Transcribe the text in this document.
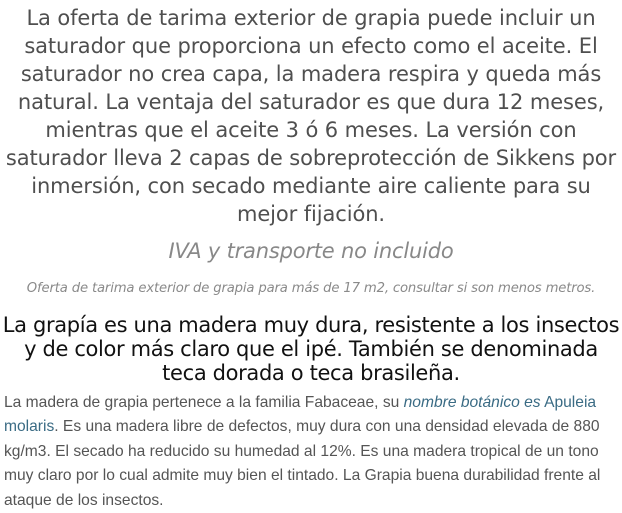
La oferta de tarima exterior de grapia puede incluir un saturador que proporciona un efecto como el aceite. El saturador no crea capa, la madera respira y queda más natural. La ventaja del saturador es que dura 12 meses, mientras que el aceite 3 ó 6 meses. La versión con saturador lleva 2 capas de sobreprotección de Sikkens por inmersión, con secado mediante aire caliente para su mejor fijación.

IVA y transporte no incluido

Oferta de tarima exterior de grapia para más de 17 m2, consultar si son menos metros.

La grapía es una madera muy dura, resistente a los insectos y de color más claro que el ipé. También se denominada teca dorada o teca brasileña.

La madera de grapia pertenece a la familia Fabaceae, su nombre botánico es Apuleia molaris. Es una madera libre de defectos, muy dura con una densidad elevada de 880 kg/m3. El secado ha reducido su humedad al 12%. Es una madera tropical de un tono muy claro por lo cual admite muy bien el tintado. La Grapia buena durabilidad frente al ataque de los insectos.
